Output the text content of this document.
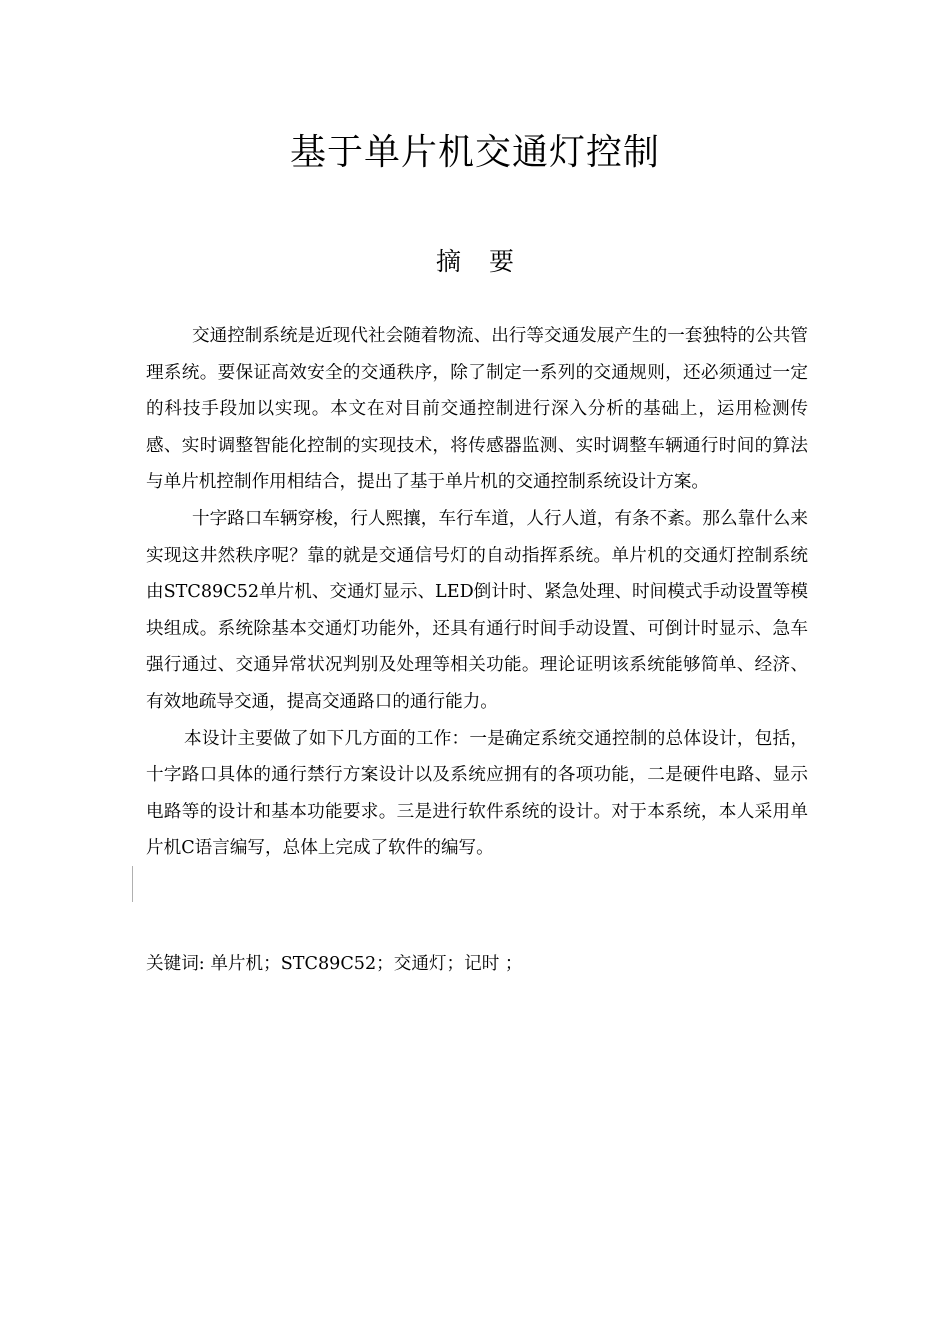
基于单片机交通灯控制
摘 要

交通控制系统是近现代社会随着物流、出行等交通发展产生的一套独特的公共管理系统。要保证高效安全的交通秩序，除了制定一系列的交通规则，还必须通过一定的科技手段加以实现。本文在对目前交通控制进行深入分析的基础上，运用检测传感、实时调整智能化控制的实现技术，将传感器监测、实时调整车辆通行时间的算法与单片机控制作用相结合，提出了基于单片机的交通控制系统设计方案。

十字路口车辆穿梭，行人熙攘，车行车道，人行人道，有条不紊。那么靠什么来实现这井然秩序呢？靠的就是交通信号灯的自动指挥系统。单片机的交通灯控制系统由STC89C52单片机、交通灯显示、LED倒计时、紧急处理、时间模式手动设置等模块组成。系统除基本交通灯功能外，还具有通行时间手动设置、可倒计时显示、急车强行通过、交通异常状况判别及处理等相关功能。理论证明该系统能够简单、经济、有效地疏导交通，提高交通路口的通行能力。

本设计主要做了如下几方面的工作：一是确定系统交通控制的总体设计，包括，十字路口具体的通行禁行方案设计以及系统应拥有的各项功能，二是硬件电路、显示电路等的设计和基本功能要求。三是进行软件系统的设计。对于本系统，本人采用单片机C语言编写，总体上完成了软件的编写。

关键词: 单片机；STC89C52；交通灯；记时 ；
